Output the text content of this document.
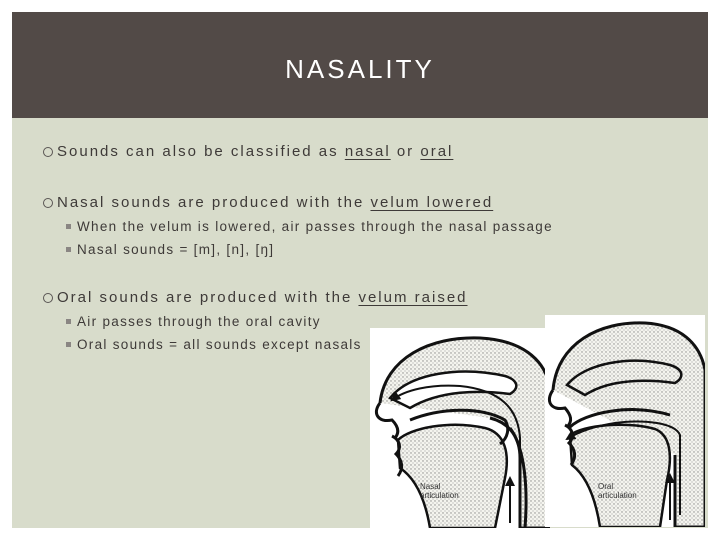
NASALITY
Sounds can also be classified as nasal or oral
Nasal sounds are produced with the velum lowered
When the velum is lowered, air passes through the nasal passage
Nasal sounds = [m], [n], [ŋ]
Oral sounds are produced with the velum raised
Air passes through the oral cavity
Oral sounds = all sounds except nasals
Nasal
articulation
Oral
articulation
